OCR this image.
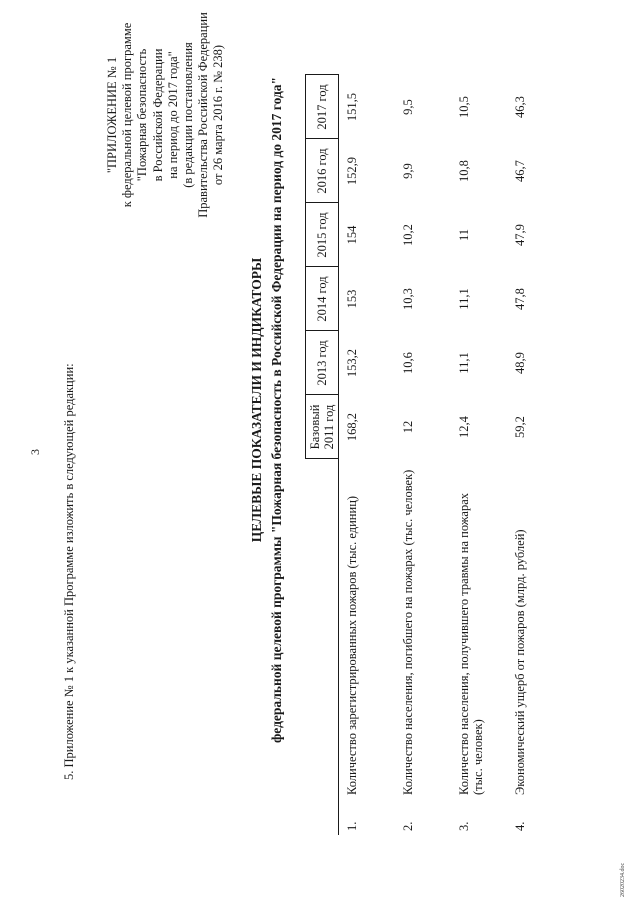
3 5. Приложение № 1 к указанной Программе изложить в следующей редакции:
"ПРИЛОЖЕНИЕ № 1 к федеральной целевой программе "Пожарная безопасность в Российской Федерации на период до 2017 года" (в редакции постановления Правительства Российской Федерации от 26 марта 2016 г. № 238)
ЦЕЛЕВЫЕ ПОКАЗАТЕЛИ И ИНДИКАТОРЫ федеральной целевой программы "Пожарная безопасность в Российской Федерации на период до 2017 года"
		Базовый
2011 год	2013 год	2014 год	2015 год	2016 год	2017 год
1.	Количество зарегистрированных пожаров (тыс. единиц)	168,2	153,2	153	154	152,9	151,5
2.	Количество населения, погибшего на пожарах (тыс. человек)	12	10,6	10,3	10,2	9,9	9,5
3.	Количество населения, получившего травмы на пожарах (тыс. человек)	12,4	11,1	11,1	11	10,8	10,5
4.	Экономический ущерб от пожаров (млрд. рублей)	59,2	48,9	47,8	47,9	46,7	46,3
26020234.doc
